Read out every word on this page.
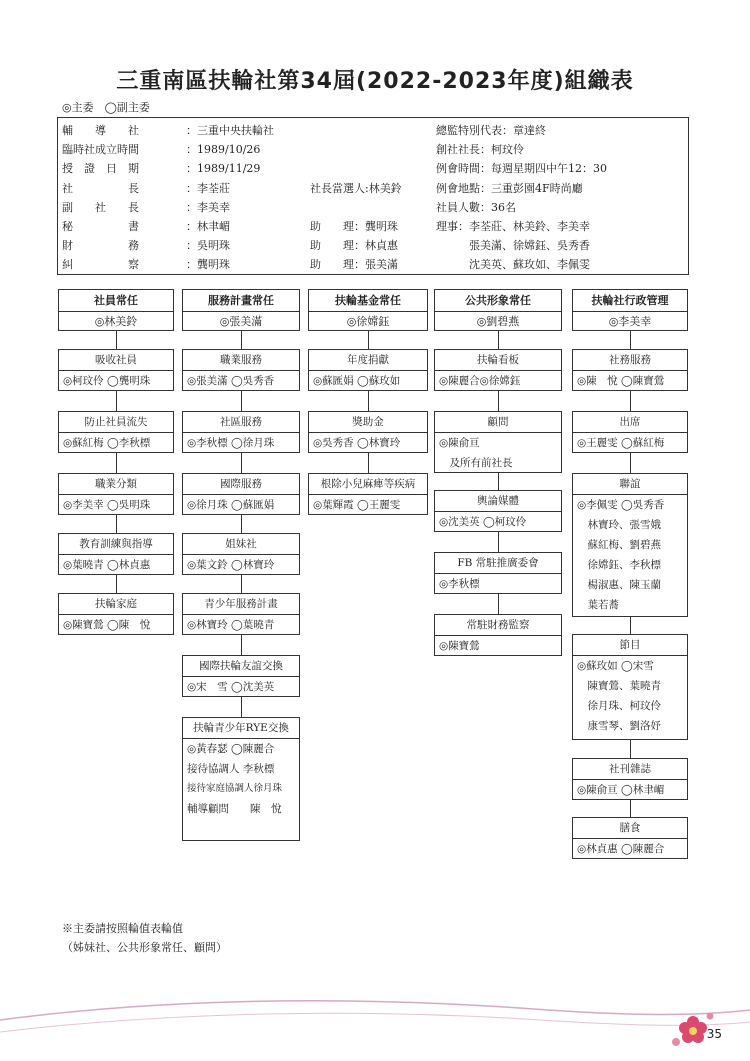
三重南區扶輪社第34屆(2022-2023年度)組織表
◎主委　◯副主委
輔　　導　　社	：三重中央扶輪社	總監特別代表：章達終
臨時社成立時間	：1989/10/26	創社社長：柯玟伶
授　證　日　期	：1989/11/29	例會時間：每週星期四中午12：30
社　　　　　長	：李荃莊	社長當選人:林美鈴	例會地點：三重彭園4F時尚廳
副　　社　　長	：李美幸	社員人數：36名
秘　　　　　書	：林聿嵋	助　　理：龔明珠	理事：李荃莊、林美鈴、李美幸
財　　　　　務	：吳明珠	助　　理：林貞惠	　　　張美滿、徐嫦鈺、吳秀香
糾　　　　　察	：龔明珠	助　　理：張美滿	　　　沈美英、蘇玫如、李佩雯
社員常任
◎林美鈴
服務計畫常任
◎張美滿
扶輪基金常任
◎徐嫦鈺
公共形象常任
◎劉碧燕
扶輪社行政管理
◎李美幸
吸收社員
◎柯玟伶 ◯龔明珠
防止社員流失
◎蘇紅梅 ◯李秋標
職業分類
◎李美幸 ◯吳明珠
教育訓練與指導
◎葉曉青 ◯林貞惠
扶輪家庭
◎陳寶鶯 ◯陳　悅
職業服務
◎張美滿 ◯吳秀香
社區服務
◎李秋標 ◯徐月珠
國際服務
◎徐月珠 ◯蘇匯娟
姐妹社
◎葉文鈴 ◯林寶玲
青少年服務計畫
◎林寶玲 ◯葉曉青
國際扶輪友誼交換
◎宋　雪 ◯沈美英
扶輪青少年RYE交換
◎黃春瑟 ◯陳麗合
接待協調人 李秋標
接待家庭協調人徐月珠
輔導顧問　　陳　悅
年度捐獻
◎蘇匯娟 ◯蘇玫如
獎助金
◎吳秀香 ◯林寶玲
根除小兒麻痺等疾病
◎葉輝霞 ◯王麗雯
扶輪看板
◎陳麗合◎徐嫦鈺
顧問
◎陳俞亘
　及所有前社長
輿論媒體
◎沈美英 ◯柯玟伶
FB 常駐推廣委會
◎李秋標
常駐財務監察
◎陳寶鶯
社務服務
◎陳　悅 ◯陳寶鶯
出席
◎王麗雯 ◯蘇紅梅
聯誼
◎李佩雯 ◯吳秀香
　林寶玲、張雪娥
　蘇紅梅、劉碧燕
　徐嫦鈺、李秋標
　楊淑惠、陳玉蘭
　葉若蕎
節目
◎蘇玫如 ◯宋雪
　陳寶鶯、葉曉青
　徐月珠、柯玟伶
　康雪琴、劉洛妤
社刊雜誌
◎陳俞亘 ◯林聿嵋
膳食
◎林貞惠 ◯陳麗合
※主委請按照輪值表輪值
（姊妹社、公共形象常任、顧問）
35
